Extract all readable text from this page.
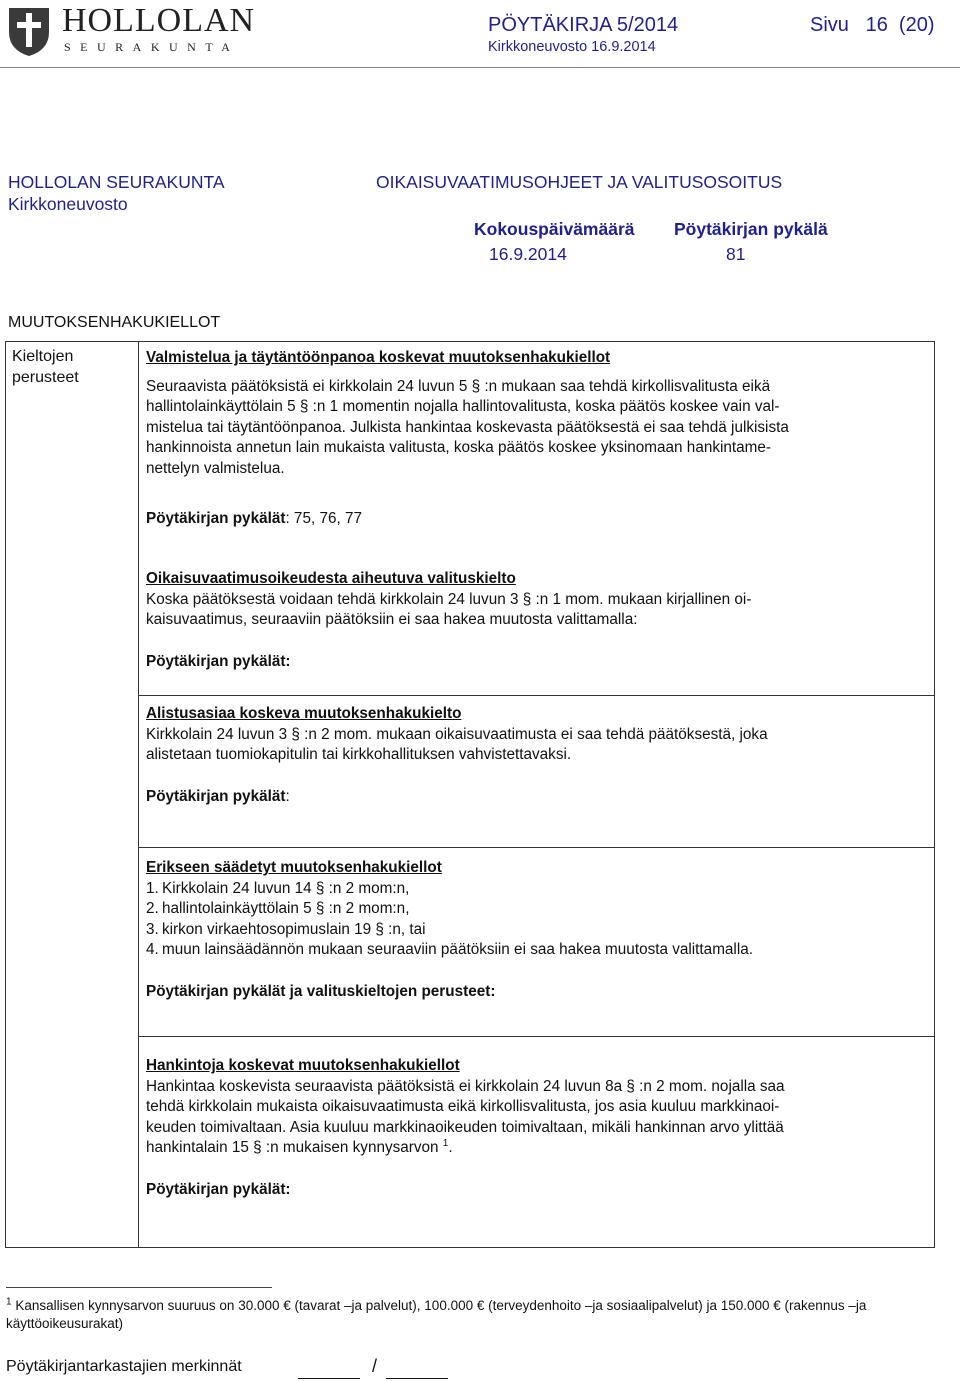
HOLLOLAN
SEURAKUNTA
PÖYTÄKIRJA 5/2014
Kirkkoneuvosto 16.9.2014
Sivu   16  (20)
HOLLOLAN SEURAKUNTA
Kirkkoneuvosto
OIKAISUVAATIMUSOHJEET JA VALITUSOSOITUS
Kokouspäivämäärä Pöytäkirjan pykälä
16.9.2014	81
MUUTOKSENHAKUKIELLOT
Kieltojen
perusteet

Valmistelua ja täytäntöönpanoa koskevat muutoksenhakukiellot

Seuraavista päätöksistä ei kirkkolain 24 luvun 5 § :n mukaan saa tehdä kirkollisvalitusta eikä

hallintolainkäyttölain 5 § :n 1 momentin nojalla hallintovalitusta, koska päätös koskee vain val-

mistelua tai täytäntöönpanoa. Julkista hankintaa koskevasta päätöksestä ei saa tehdä julkisista

hankinnoista annetun lain mukaista valitusta, koska päätös koskee yksinomaan hankintame-

nettelyn valmistelua.

Pöytäkirjan pykälät: 75, 76, 77

Oikaisuvaatimusoikeudesta aiheutuva valituskielto

Koska päätöksestä voidaan tehdä kirkkolain 24 luvun 3 § :n 1 mom. mukaan kirjallinen oi-

kaisuvaatimus, seuraaviin päätöksiin ei saa hakea muutosta valittamalla:

Pöytäkirjan pykälät:

Alistusasiaa koskeva muutoksenhakukielto

Kirkkolain 24 luvun 3 § :n 2 mom. mukaan oikaisuvaatimusta ei saa tehdä päätöksestä, joka

alistetaan tuomiokapitulin tai kirkkohallituksen vahvistettavaksi.

Pöytäkirjan pykälät:

Erikseen säädetyt muutoksenhakukiellot

1. Kirkkolain 24 luvun 14 § :n 2 mom:n,

2. hallintolainkäyttölain 5 § :n 2 mom:n,

3. kirkon virkaehtosopimuslain 19 § :n, tai

4. muun lainsäädännön mukaan seuraaviin päätöksiin ei saa hakea muutosta valittamalla.

Pöytäkirjan pykälät ja valituskieltojen perusteet:

Hankintoja koskevat muutoksenhakukiellot

Hankintaa koskevista seuraavista päätöksistä ei kirkkolain 24 luvun 8a § :n 2 mom. nojalla saa

tehdä kirkkolain mukaista oikaisuvaatimusta eikä kirkollisvalitusta, jos asia kuuluu markkinaoi-

keuden toimivaltaan. Asia kuuluu markkinaoikeuden toimivaltaan, mikäli hankinnan arvo ylittää

hankintalain 15 § :n mukaisen kynnysarvon $^1$.

Pöytäkirjan pykälät:

$^1$ Kansallisen kynnysarvon suuruus on 30.000 € (tavarat –ja palvelut), 100.000 € (terveydenhoito –ja sosiaalipalvelut) ja 150.000 € (rakennus –ja
käyttöoikeusurakat)
Pöytäkirjantarkastajien merkinnät	/
